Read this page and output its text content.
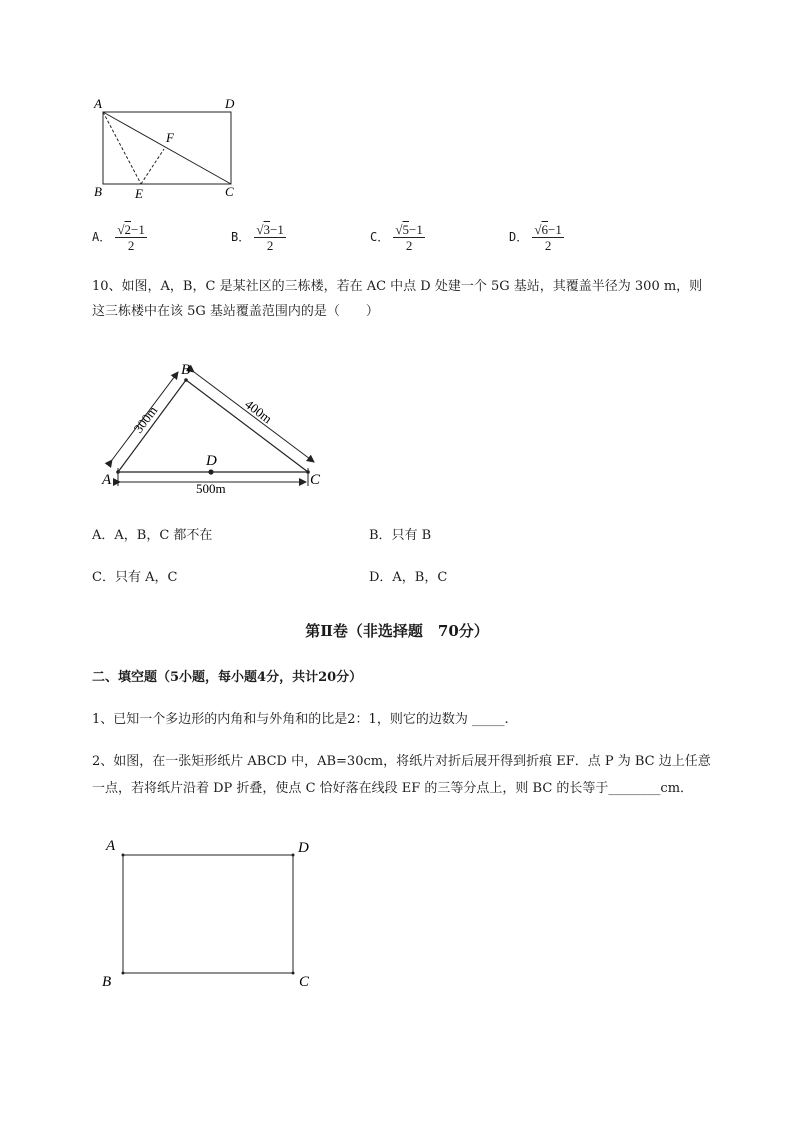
A	D
F
B	E	C
A． $\frac{√2-1}{2}$	B． $\frac{√3-1}{2}$	C． $\frac{√5-1}{2}$	D． $\frac{√6-1}{2}$
10、如图，A，B，C 是某社区的三栋楼，若在 AC 中点 D 处建一个 5G 基站，其覆盖半径为 300 m，则
这三栋楼中在该 5G 基站覆盖范围内的是（　　）
B
A	C
D
300m	400m
500m
A．A，B，C 都不在	B．只有 B
C．只有 A，C	D．A，B，C
第Ⅱ卷（非选择题　70分）
二、填空题（5小题，每小题4分，共计20分）
1、已知一个多边形的内角和与外角和的比是2：1，则它的边数为 _____.
2、如图，在一张矩形纸片 ABCD 中，AB=30cm，将纸片对折后展开得到折痕 EF．点 P 为 BC 边上任意
一点，若将纸片沿着 DP 折叠，使点 C 恰好落在线段 EF 的三等分点上，则 BC 的长等于________cm．
A	D
B	C
